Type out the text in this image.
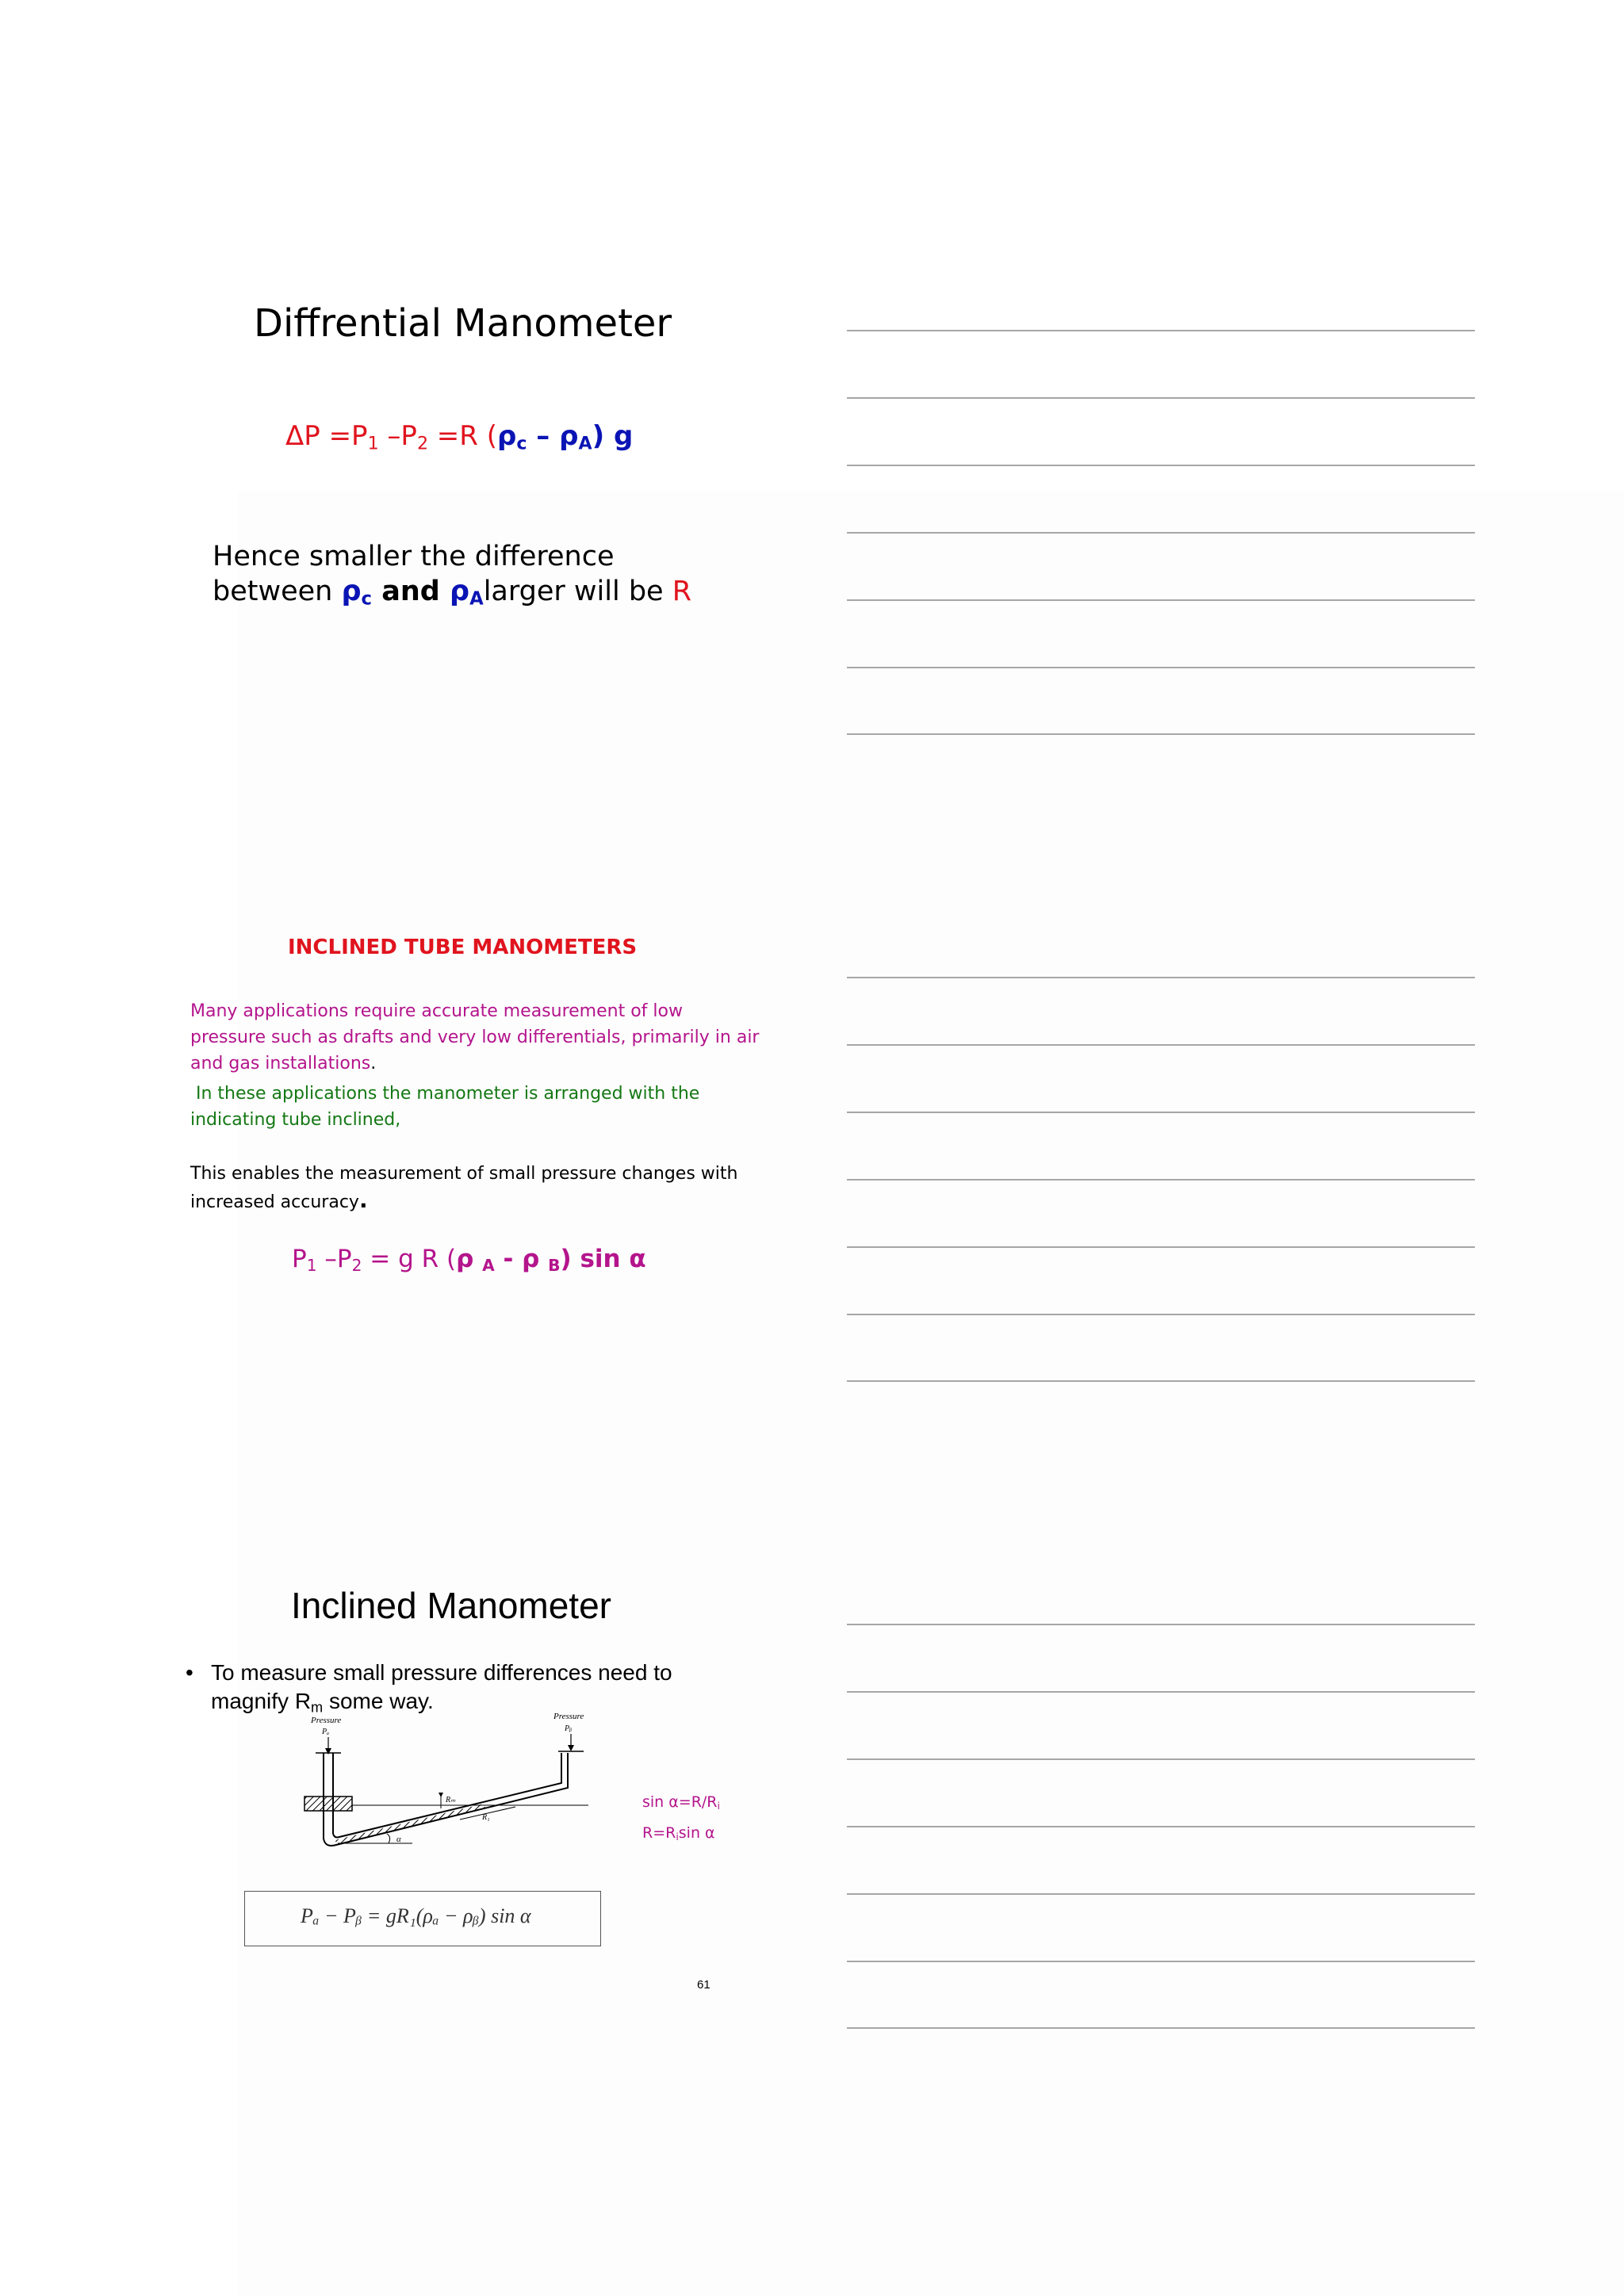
Diffrential Manometer
$\Delta P =P_1$ $-P_2 =R$ $(\rho_c - \rho_A)$ g
Hence smaller the difference
between $\rho_c$ and $\rho_Alarger$ will be R
INCLINED TUBE MANOMETERS
Many applications require accurate measurement of low
pressure such as drafts and very low differentials, primarily in air
and gas installations.
In these applications the manometer is arranged with the
indicating tube inclined,
This enables the measurement of small pressure changes with
increased accuracy.
$P_1$ $-P_2 = g$ R (ρ $_A$ - ρ $_B$) sin α
Inclined Manometer
• To measure small pressure differences need to
magnify $R_m$ some way.
Pressure
Pₐ
Pressure
Pᵦ
Rₘ
R₁
α
$\sin \alpha=R/R_i$
$R=R_i\sin$ α
Pₐ − Pᵦ = gR₁(ρₐ − ρᵦ) sin α
61
